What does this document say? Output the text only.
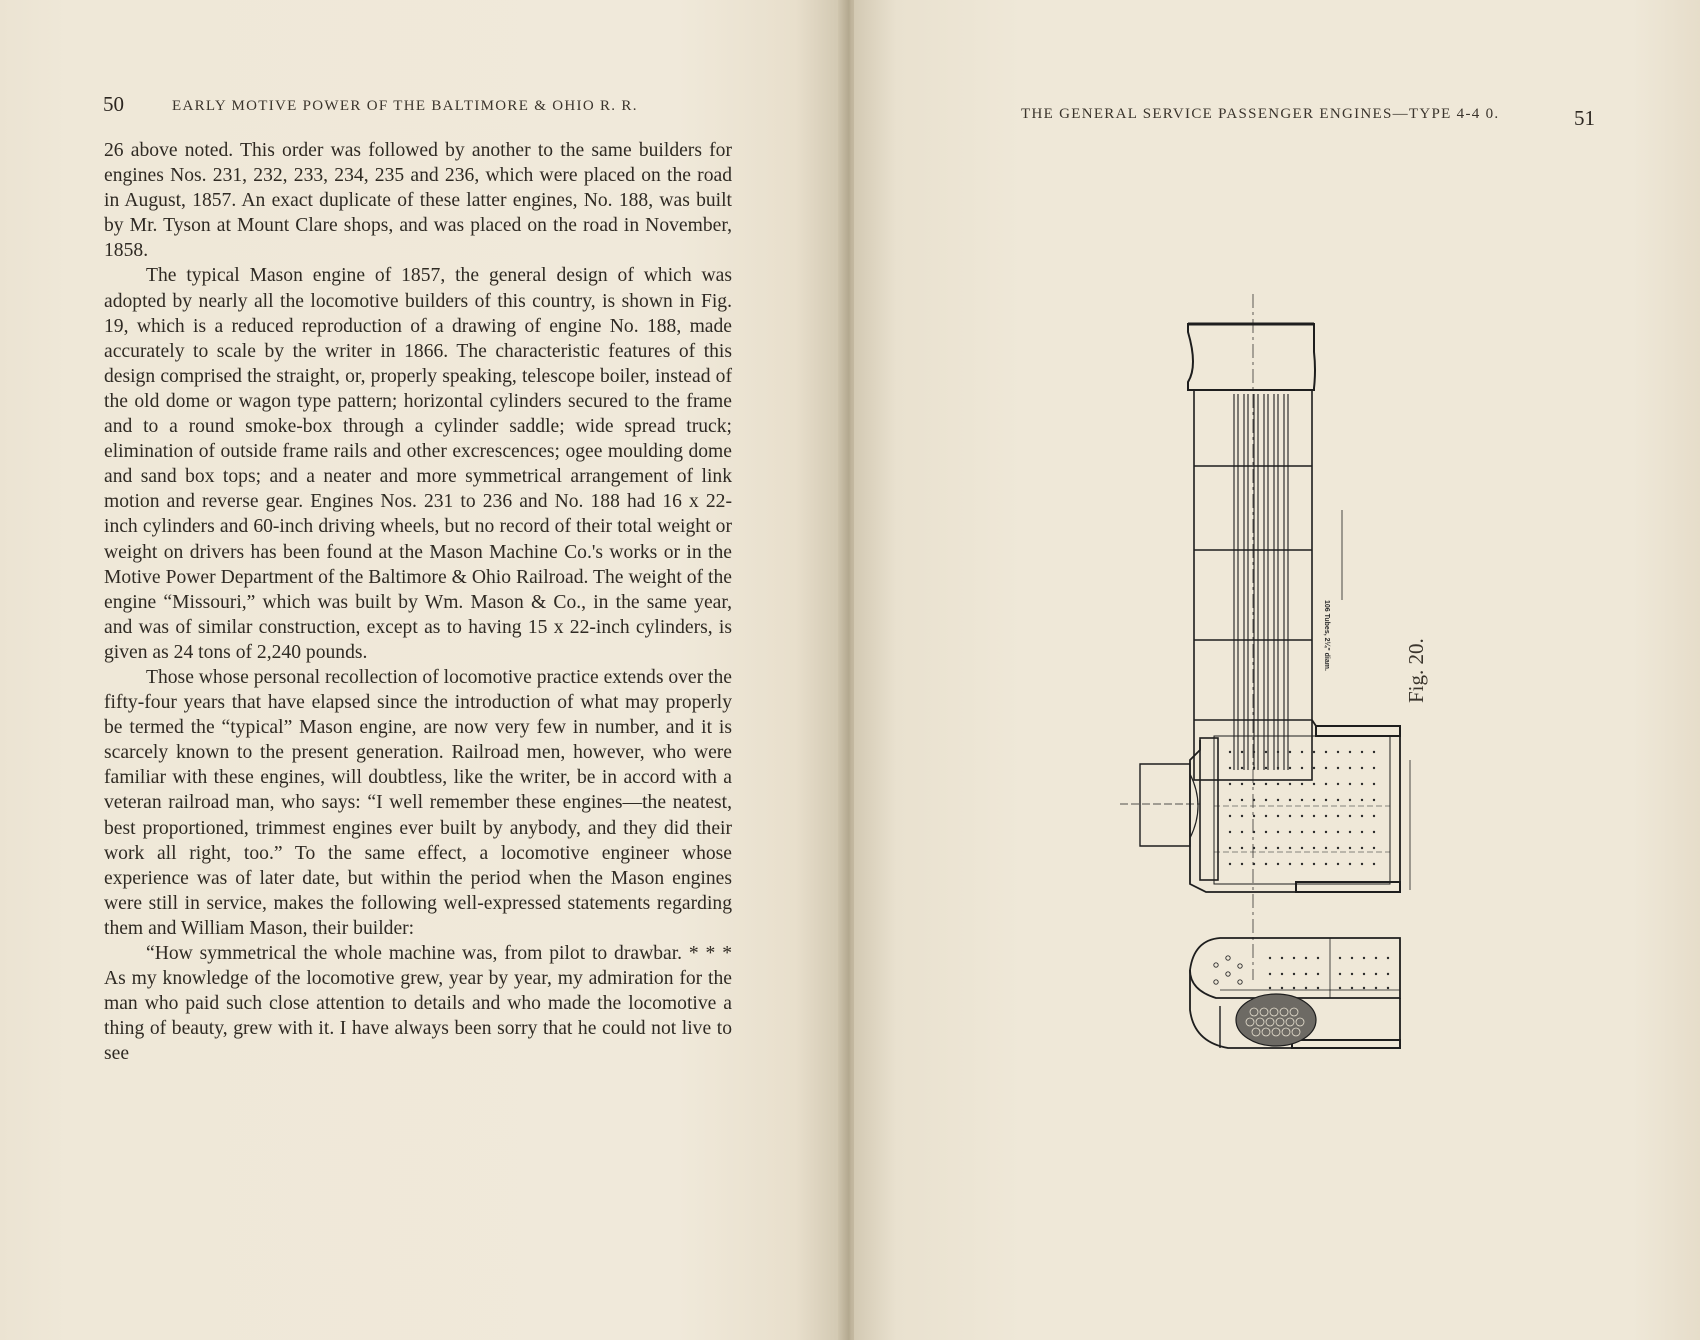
50	EARLY MOTIVE POWER OF THE BALTIMORE & OHIO R. R.

26 above noted. This order was followed by another to the same builders for engines Nos. 231, 232, 233, 234, 235 and 236, which were placed on the road in August, 1857. An exact duplicate of these latter engines, No. 188, was built by Mr. Tyson at Mount Clare shops, and was placed on the road in November, 1858.

The typical Mason engine of 1857, the general design of which was adopted by nearly all the locomotive builders of this country, is shown in Fig. 19, which is a reduced reproduction of a drawing of engine No. 188, made accurately to scale by the writer in 1866. The characteristic features of this design comprised the straight, or, properly speaking, telescope boiler, instead of the old dome or wagon type pattern; horizontal cylinders secured to the frame and to a round smoke-box through a cylinder saddle; wide spread truck; elimination of outside frame rails and other excrescences; ogee moulding dome and sand box tops; and a neater and more symmetrical arrangement of link motion and reverse gear. Engines Nos. 231 to 236 and No. 188 had 16 x 22-inch cylinders and 60-inch driving wheels, but no record of their total weight or weight on drivers has been found at the Mason Machine Co.'s works or in the Motive Power Department of the Baltimore & Ohio Railroad. The weight of the engine “Missouri,” which was built by Wm. Mason & Co., in the same year, and was of similar construction, except as to having 15 x 22-inch cylinders, is given as 24 tons of 2,240 pounds.

Those whose personal recollection of locomotive practice extends over the fifty-four years that have elapsed since the introduction of what may properly be termed the “typical” Mason engine, are now very few in number, and it is scarcely known to the present generation. Railroad men, however, who were familiar with these engines, will doubtless, like the writer, be in accord with a veteran railroad man, who says: “I well remember these engines—the neatest, best proportioned, trimmest engines ever built by anybody, and they did their work all right, too.” To the same effect, a locomotive engineer whose experience was of later date, but within the period when the Mason engines were still in service, makes the following well-expressed statements regarding them and William Mason, their builder:

“How symmetrical the whole machine was, from pilot to drawbar. * * * As my knowledge of the locomotive grew, year by year, my admiration for the man who paid such close attention to details and who made the locomotive a thing of beauty, grew with it. I have always been sorry that he could not live to see

THE GENERAL SERVICE PASSENGER ENGINES—TYPE 4-4 0.	51
106 Tubes, 2¼" diam.	Fig. 20.
